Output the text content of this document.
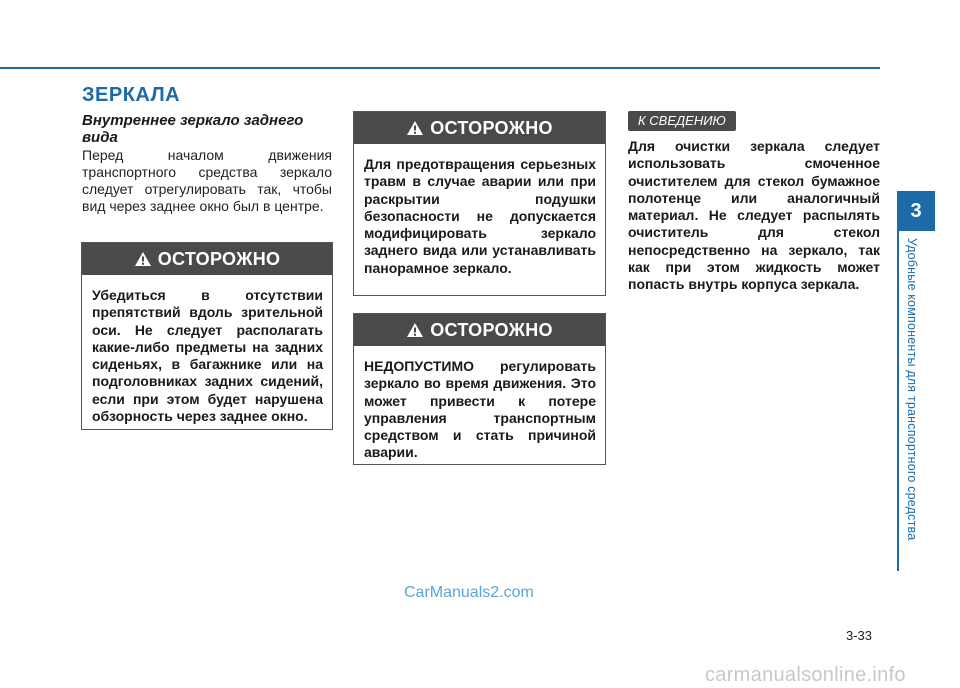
ЗЕРКАЛА
Внутреннее зеркало заднего вида
Перед началом движения транспортного средства зеркало следует отрегулировать так, чтобы вид через заднее окно был в центре.
ОСТОРОЖНО
Убедиться в отсутствии препятствий вдоль зрительной оси. Не следует располагать какие-либо предметы на задних сиденьях, в багажнике или на подголовниках задних сидений, если при этом будет нарушена обзорность через заднее окно.
ОСТОРОЖНО
Для предотвращения серьезных травм в случае аварии или при раскрытии подушки безопасности не допускается модифицировать зеркало заднего вида или устанавливать панорамное зеркало.
ОСТОРОЖНО
НЕДОПУСТИМО регулировать зеркало во время движения. Это может привести к потере управления транспортным средством и стать причиной аварии.
К СВЕДЕНИЮ
Для очистки зеркала следует использовать смоченное очистителем для стекол бумажное полотенце или аналогичный материал. Не следует распылять очиститель для стекол непосредственно на зеркало, так как при этом жидкость может попасть внутрь корпуса зеркала.
3
Удобные компоненты для транспортного средства
CarManuals2.com
3-33
carmanualsonline.info
